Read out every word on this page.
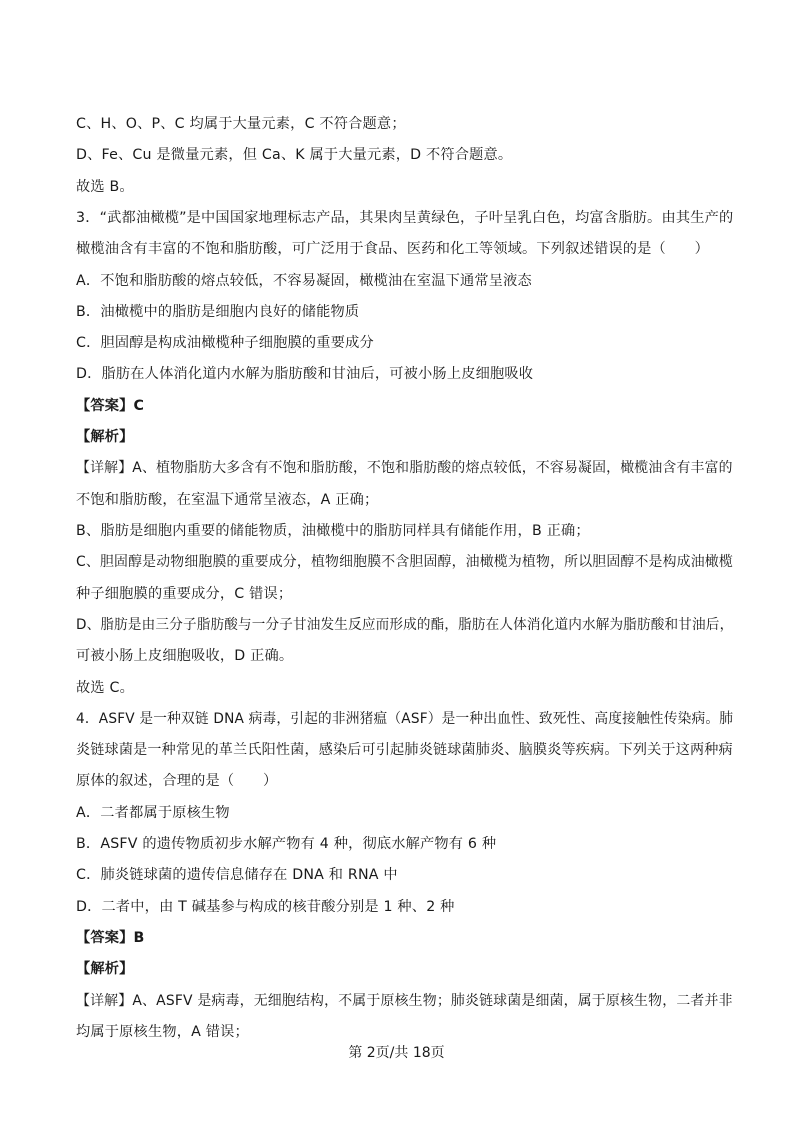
C、H、O、P、C 均属于大量元素，C 不符合题意；
D、Fe、Cu 是微量元素，但 Ca、K 属于大量元素，D 不符合题意。
故选 B。
3．“武都油橄榄”是中国国家地理标志产品，其果肉呈黄绿色，子叶呈乳白色，均富含脂肪。由其生产的
橄榄油含有丰富的不饱和脂肪酸，可广泛用于食品、医药和化工等领域。下列叙述错误的是（　　）
A．不饱和脂肪酸的熔点较低，不容易凝固，橄榄油在室温下通常呈液态
B．油橄榄中的脂肪是细胞内良好的储能物质
C．胆固醇是构成油橄榄种子细胞膜的重要成分
D．脂肪在人体消化道内水解为脂肪酸和甘油后，可被小肠上皮细胞吸收
【答案】C
【解析】
【详解】A、植物脂肪大多含有不饱和脂肪酸，不饱和脂肪酸的熔点较低，不容易凝固，橄榄油含有丰富的
不饱和脂肪酸，在室温下通常呈液态，A 正确；
B、脂肪是细胞内重要的储能物质，油橄榄中的脂肪同样具有储能作用，B 正确；
C、胆固醇是动物细胞膜的重要成分，植物细胞膜不含胆固醇，油橄榄为植物，所以胆固醇不是构成油橄榄
种子细胞膜的重要成分，C 错误；
D、脂肪是由三分子脂肪酸与一分子甘油发生反应而形成的酯，脂肪在人体消化道内水解为脂肪酸和甘油后，
可被小肠上皮细胞吸收，D 正确。
故选 C。
4．ASFV 是一种双链 DNA 病毒，引起的非洲猪瘟（ASF）是一种出血性、致死性、高度接触性传染病。肺
炎链球菌是一种常见的革兰氏阳性菌，感染后可引起肺炎链球菌肺炎、脑膜炎等疾病。下列关于这两种病
原体的叙述，合理的是（　　）
A．二者都属于原核生物
B．ASFV 的遗传物质初步水解产物有 4 种，彻底水解产物有 6 种
C．肺炎链球菌的遗传信息储存在 DNA 和 RNA 中
D．二者中，由 T 碱基参与构成的核苷酸分别是 1 种、2 种
【答案】B
【解析】
【详解】A、ASFV 是病毒，无细胞结构，不属于原核生物；肺炎链球菌是细菌，属于原核生物，二者并非
均属于原核生物，A 错误；
第 2页/共 18页
